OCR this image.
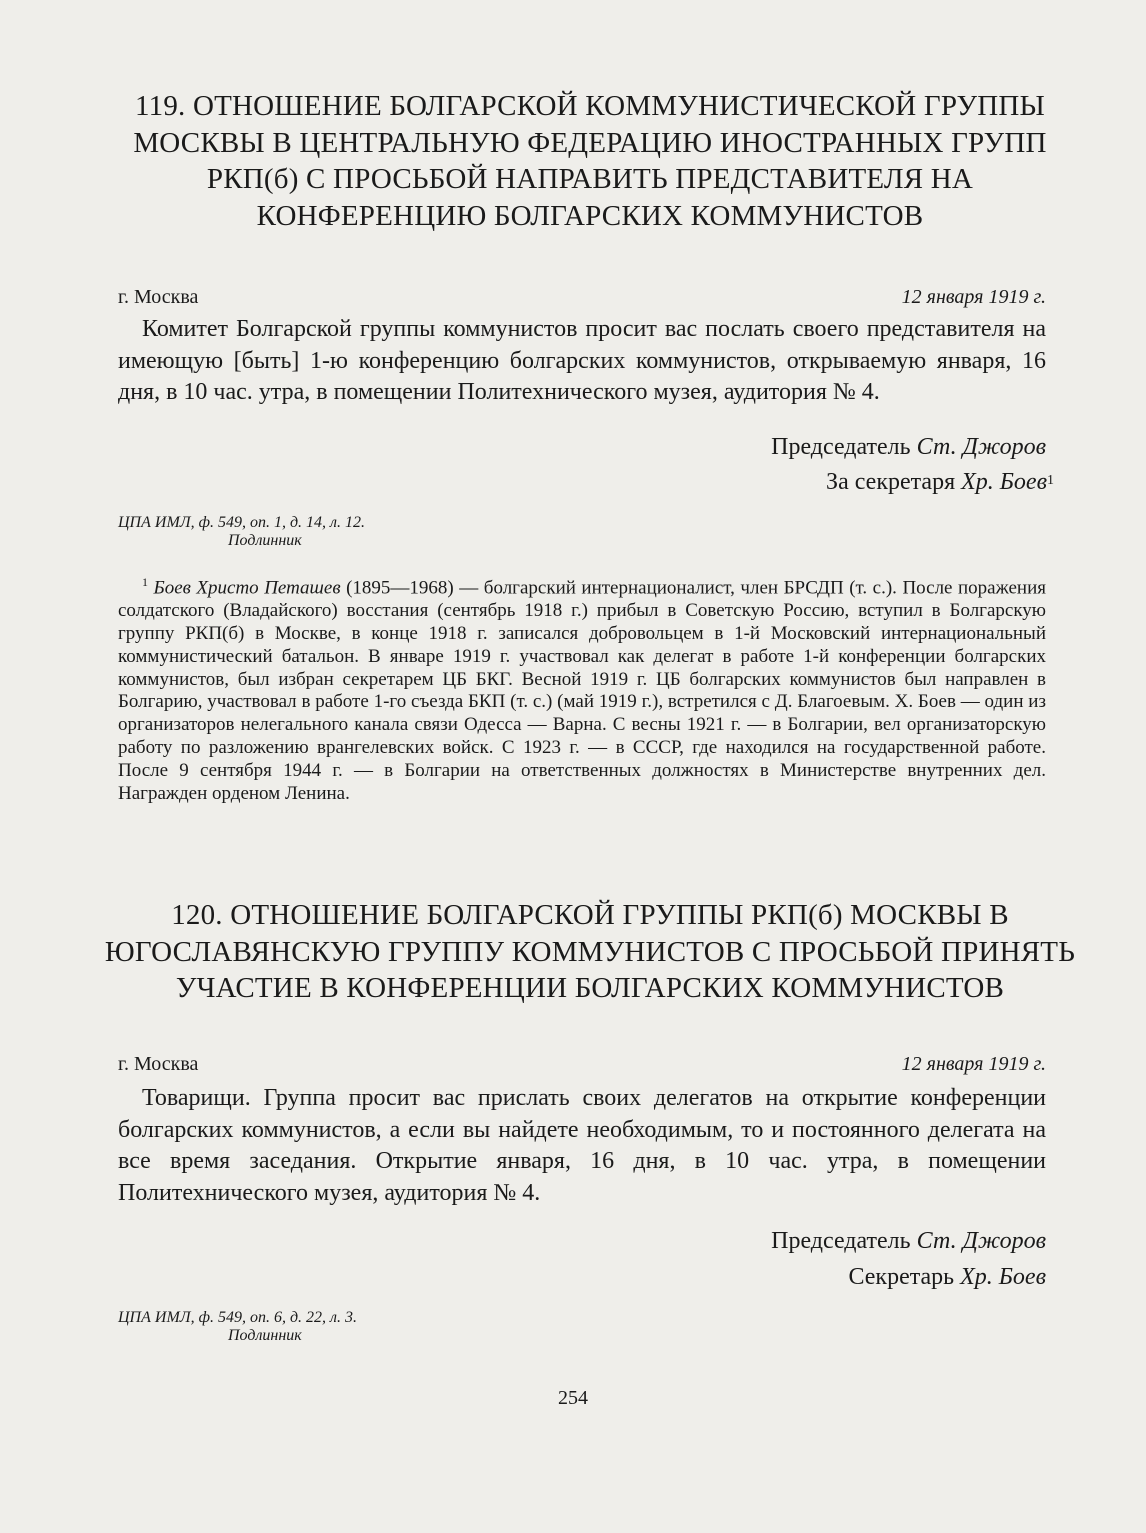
119. ОТНОШЕНИЕ БОЛГАРСКОЙ КОММУНИСТИЧЕСКОЙ ГРУППЫ МОСКВЫ В ЦЕНТРАЛЬНУЮ ФЕДЕРАЦИЮ ИНОСТРАННЫХ ГРУПП РКП(б) С ПРОСЬБОЙ НАПРАВИТЬ ПРЕДСТАВИТЕЛЯ НА КОНФЕРЕНЦИЮ БОЛГАРСКИХ КОММУНИСТОВ
г. Москва	12 января 1919 г.

Комитет Болгарской группы коммунистов просит вас послать своего представителя на имеющую [быть] 1-ю конференцию болгарских коммунистов, открываемую января, 16 дня, в 10 час. утра, в помещении Политехнического музея, аудитория № 4.

Председатель Ст. Джоров
За секретаря Хр. Боев$^1$
ЦПА ИМЛ, ф. 549, оп. 1, д. 14, л. 12.
Подлинник

$^1$ Боев Христо Петашев (1895—1968) — болгарский интернационалист, член БРСДП (т. с.). После поражения солдатского (Владайского) восстания (сентябрь 1918 г.) прибыл в Советскую Россию, вступил в Болгарскую группу РКП(б) в Москве, в конце 1918 г. записался добровольцем в 1-й Московский интернациональный коммунистический батальон. В январе 1919 г. участвовал как делегат в работе 1-й конференции болгарских коммунистов, был избран секретарем ЦБ БКГ. Весной 1919 г. ЦБ болгарских коммунистов был направлен в Болгарию, участвовал в работе 1-го съезда БКП (т. с.) (май 1919 г.), встретился с Д. Благоевым. Х. Боев — один из организаторов нелегального канала связи Одесса — Варна. С весны 1921 г. — в Болгарии, вел организаторскую работу по разложению врангелевских войск. С 1923 г. — в СССР, где находился на государственной работе. После 9 сентября 1944 г. — в Болгарии на ответственных должностях в Министерстве внутренних дел. Награжден орденом Ленина.

120. ОТНОШЕНИЕ БОЛГАРСКОЙ ГРУППЫ РКП(б) МОСКВЫ В ЮГОСЛАВЯНСКУЮ ГРУППУ КОММУНИСТОВ С ПРОСЬБОЙ ПРИНЯТЬ УЧАСТИЕ В КОНФЕРЕНЦИИ БОЛГАРСКИХ КОММУНИСТОВ
г. Москва	12 января 1919 г.

Товарищи. Группа просит вас прислать своих делегатов на открытие конференции болгарских коммунистов, а если вы найдете необходимым, то и постоянного делегата на все время заседания. Открытие января, 16 дня, в 10 час. утра, в помещении Политехнического музея, аудитория № 4.

Председатель Ст. Джоров
Секретарь Хр. Боев
ЦПА ИМЛ, ф. 549, оп. 6, д. 22, л. 3.
Подлинник
254
